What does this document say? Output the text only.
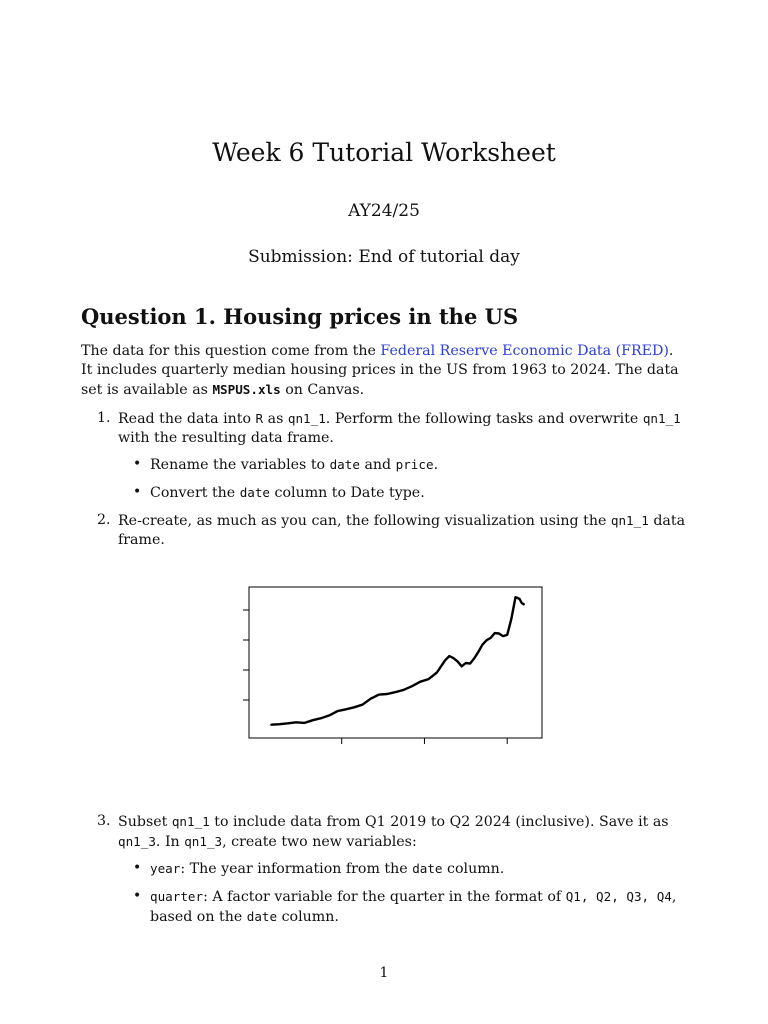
Week 6 Tutorial Worksheet
AY24/25
Submission: End of tutorial day
Question 1. Housing prices in the US
The data for this question come from the Federal Reserve Economic Data (FRED). It includes quarterly median housing prices in the US from 1963 to 2024. The data set is available as MSPUS.xls on Canvas.
1. Read the data into R as qn1_1. Perform the following tasks and overwrite qn1_1 with the resulting data frame.
• Rename the variables to date and price.
• Convert the date column to Date type.
2. Re-create, as much as you can, the following visualization using the qn1_1 data frame.
3. Subset qn1_1 to include data from Q1 2019 to Q2 2024 (inclusive). Save it as qn1_3. In qn1_3, create two new variables:
• year: The year information from the date column.
• quarter: A factor variable for the quarter in the format of Q1, Q2, Q3, Q4, based on the date column.
1
